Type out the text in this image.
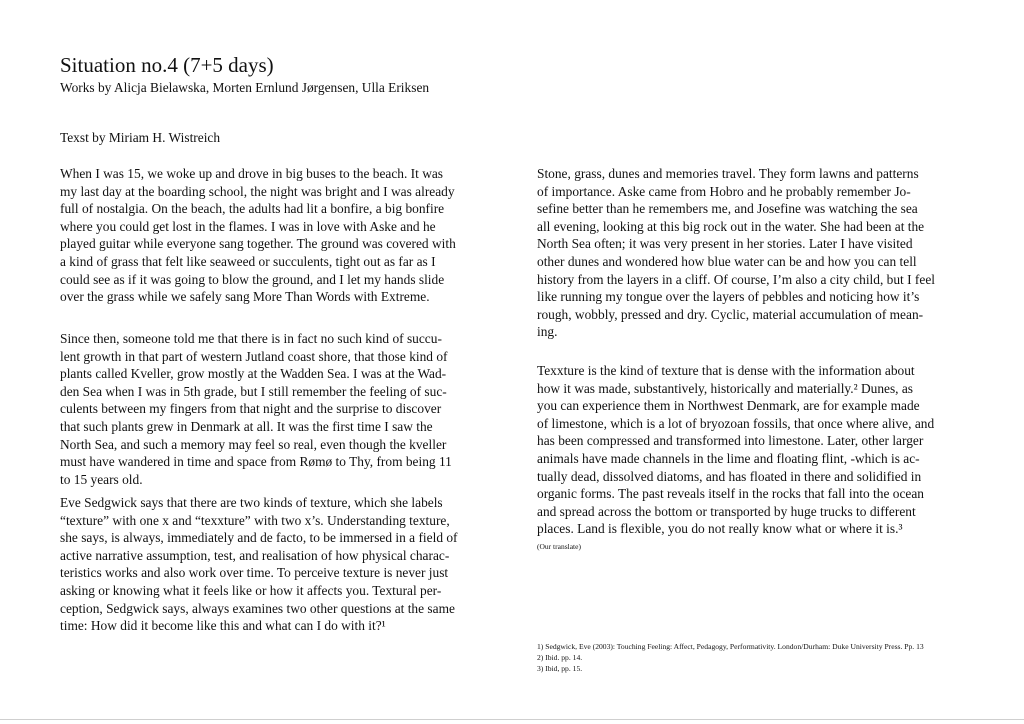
Situation no.4 (7+5 days)
Works by Alicja Bielawska, Morten Ernlund Jørgensen, Ulla Eriksen
Texst by Miriam H. Wistreich
When I was 15, we woke up and drove in big buses to the beach. It was
my last day at the boarding school, the night was bright and I was already
full of nostalgia. On the beach, the adults had lit a bonfire, a big bonfire
where you could get lost in the flames. I was in love with Aske and he
played guitar while everyone sang together. The ground was covered with
a kind of grass that felt like seaweed or succulents, tight out as far as I
could see as if it was going to blow the ground, and I let my hands slide
over the grass while we safely sang More Than Words with Extreme.
Since then, someone told me that there is in fact no such kind of succu-
lent growth in that part of western Jutland coast shore, that those kind of
plants called Kveller, grow mostly at the Wadden Sea. I was at the Wad-
den Sea when I was in 5th grade, but I still remember the feeling of suc-
culents between my fingers from that night and the surprise to discover
that such plants grew in Denmark at all. It was the first time I saw the
North Sea, and such a memory may feel so real, even though the kveller
must have wandered in time and space from Rømø to Thy, from being 11
to 15 years old.
Eve Sedgwick says that there are two kinds of texture, which she labels
“texture” with one x and “texxture” with two x’s. Understanding texture,
she says, is always, immediately and de facto, to be immersed in a field of
active narrative assumption, test, and realisation of how physical charac-
teristics works and also work over time. To perceive texture is never just
asking or knowing what it feels like or how it affects you. Textural per-
ception, Sedgwick says, always examines two other questions at the same
time: How did it become like this and what can I do with it?¹
Stone, grass, dunes and memories travel. They form lawns and patterns
of importance. Aske came from Hobro and he probably remember Jo-
sefine better than he remembers me, and Josefine was watching the sea
all evening, looking at this big rock out in the water. She had been at the
North Sea often; it was very present in her stories. Later I have visited
other dunes and wondered how blue water can be and how you can tell
history from the layers in a cliff. Of course, I’m also a city child, but I feel
like running my tongue over the layers of pebbles and noticing how it’s
rough, wobbly, pressed and dry. Cyclic, material accumulation of mean-
ing.
Texxture is the kind of texture that is dense with the information about
how it was made, substantively, historically and materially.² Dunes, as
you can experience them in Northwest Denmark, are for example made
of limestone, which is a lot of bryozoan fossils, that once where alive, and
has been compressed and transformed into limestone. Later, other larger
animals have made channels in the lime and floating flint, -which is ac-
tually dead, dissolved diatoms, and has floated in there and solidified in
organic forms. The past reveals itself in the rocks that fall into the ocean
and spread across the bottom or transported by huge trucks to different
places. Land is flexible, you do not really know what or where it is.³
(Our translate)
1) Sedgwick, Eve (2003): Touching Feeling: Affect, Pedagogy, Performativity. London/Durham: Duke University Press. Pp. 13
2) Ibid. pp. 14.
3) Ibid, pp. 15.
